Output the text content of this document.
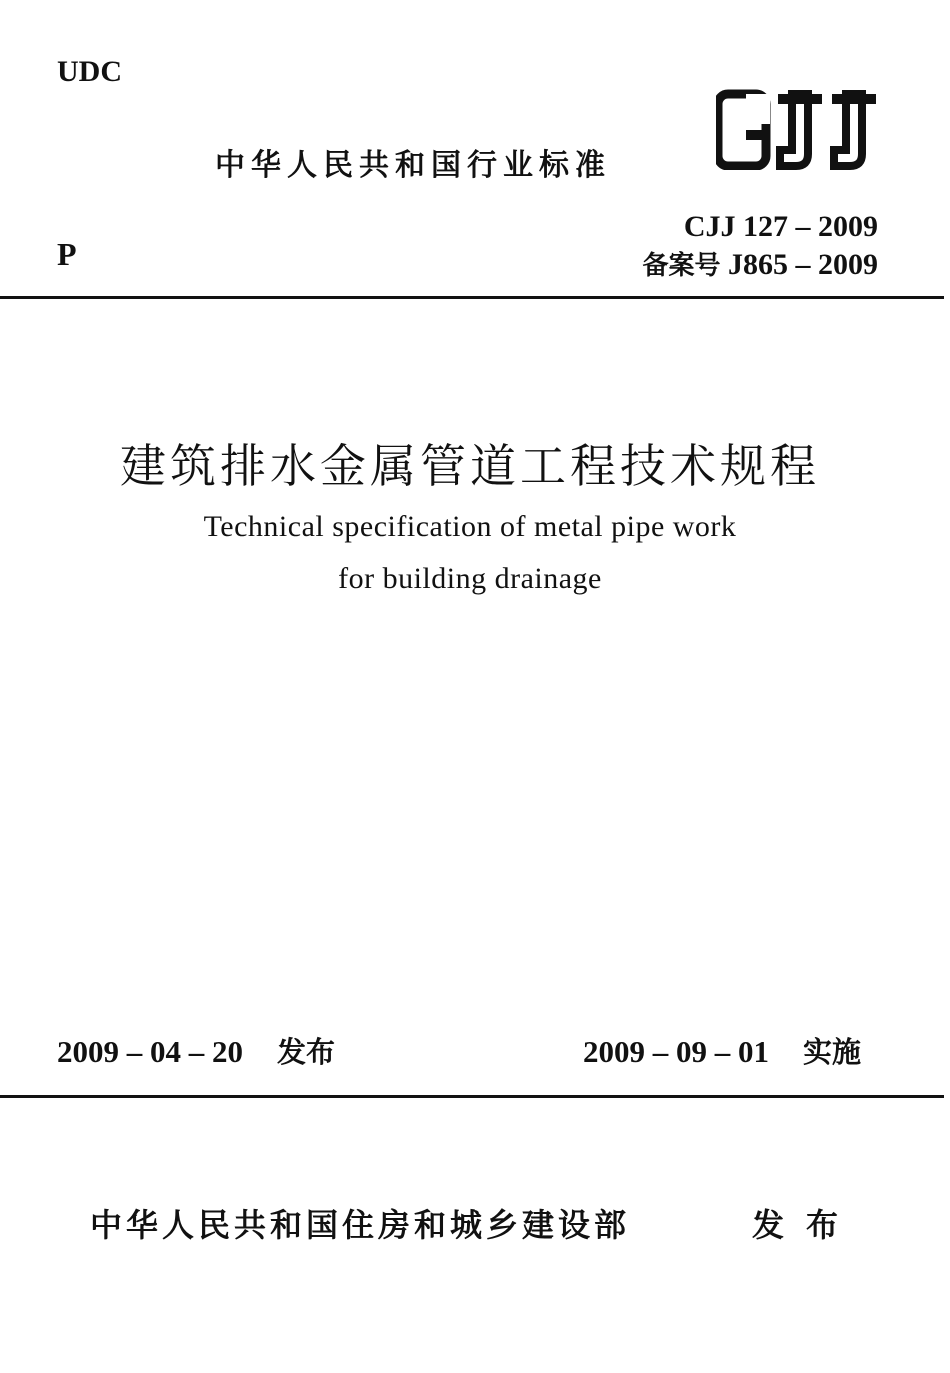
UDC
中华人民共和国行业标准
P
CJJ 127 – 2009
备案号 J865 – 2009
建筑排水金属管道工程技术规程
Technical specification of metal pipe work
for building drainage
2009 – 04 – 20 发布	2009 – 09 – 01 实施
中华人民共和国住房和城乡建设部	发布
